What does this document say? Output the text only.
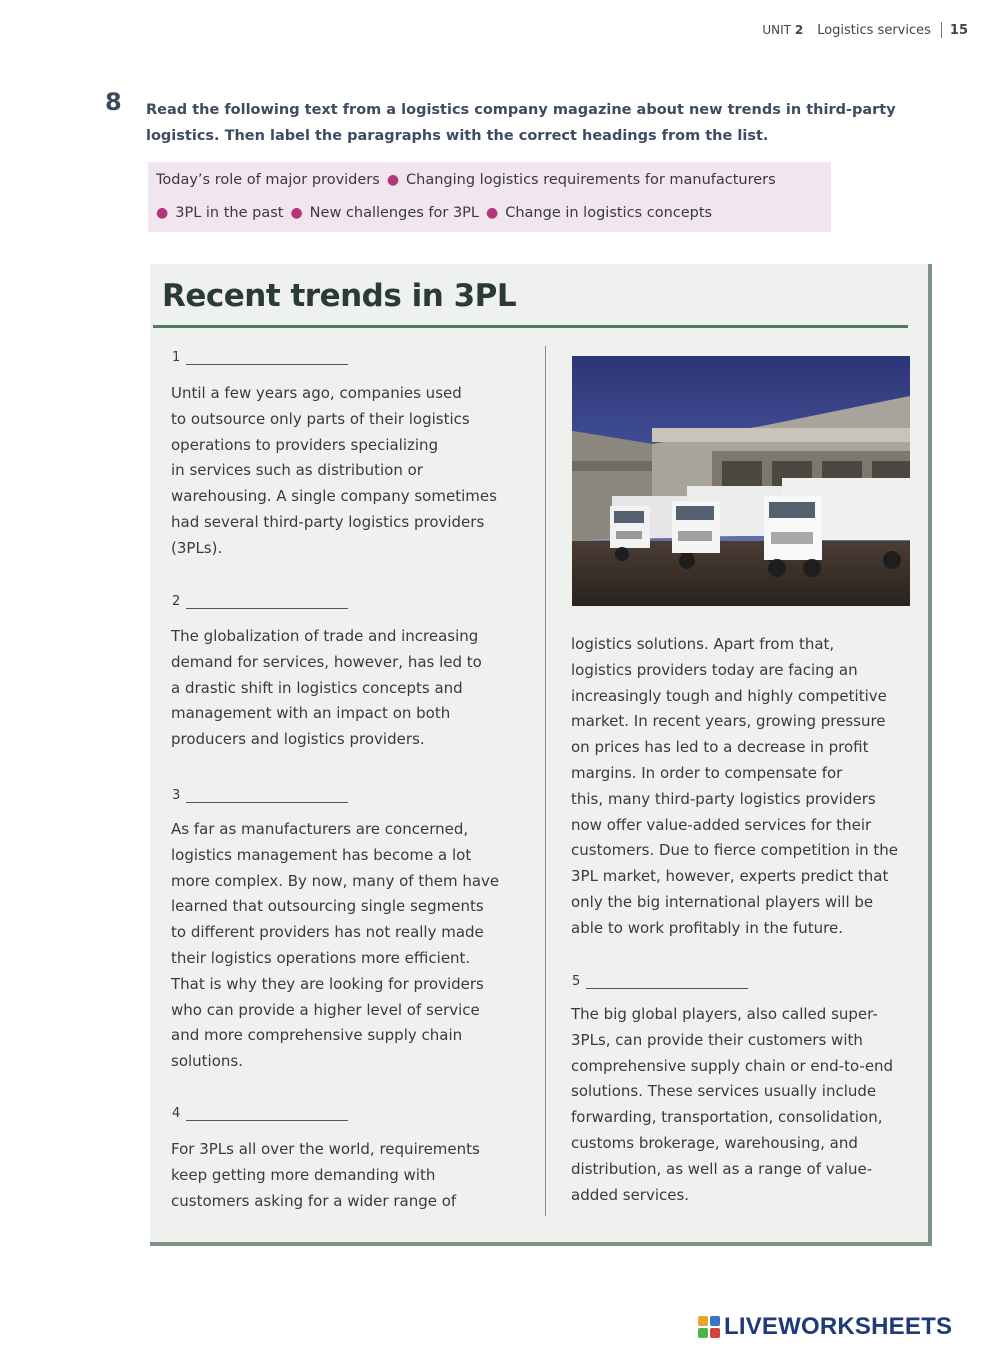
UNIT 2 Logistics services 15
8 Read the following text from a logistics company magazine about new trends in third-party
logistics. Then label the paragraphs with the correct headings from the list.
Today’s role of major providers ● Changing logistics requirements for manufacturers
● 3PL in the past ● New challenges for 3PL ● Change in logistics concepts
Recent trends in 3PL
1

Until a few years ago, companies used
to outsource only parts of their logistics
operations to providers specializing
in services such as distribution or
warehousing. A single company sometimes
had several third-party logistics providers
(3PLs).

2

The globalization of trade and increasing
demand for services, however, has led to
a drastic shift in logistics concepts and
management with an impact on both
producers and logistics providers.

3

As far as manufacturers are concerned,
logistics management has become a lot
more complex. By now, many of them have
learned that outsourcing single segments
to different providers has not really made
their logistics operations more efficient.
That is why they are looking for providers
who can provide a higher level of service
and more comprehensive supply chain
solutions.

4

For 3PLs all over the world, requirements
keep getting more demanding with
customers asking for a wider range of

logistics solutions. Apart from that,
logistics providers today are facing an
increasingly tough and highly competitive
market. In recent years, growing pressure
on prices has led to a decrease in profit
margins. In order to compensate for
this, many third-party logistics providers
now offer value-added services for their
customers. Due to fierce competition in the
3PL market, however, experts predict that
only the big international players will be
able to work profitably in the future.

5

The big global players, also called super-
3PLs, can provide their customers with
comprehensive supply chain or end-to-end
solutions. These services usually include
forwarding, transportation, consolidation,
customs brokerage, warehousing, and
distribution, as well as a range of value-
added services.

LIVEWORKSHEETS
